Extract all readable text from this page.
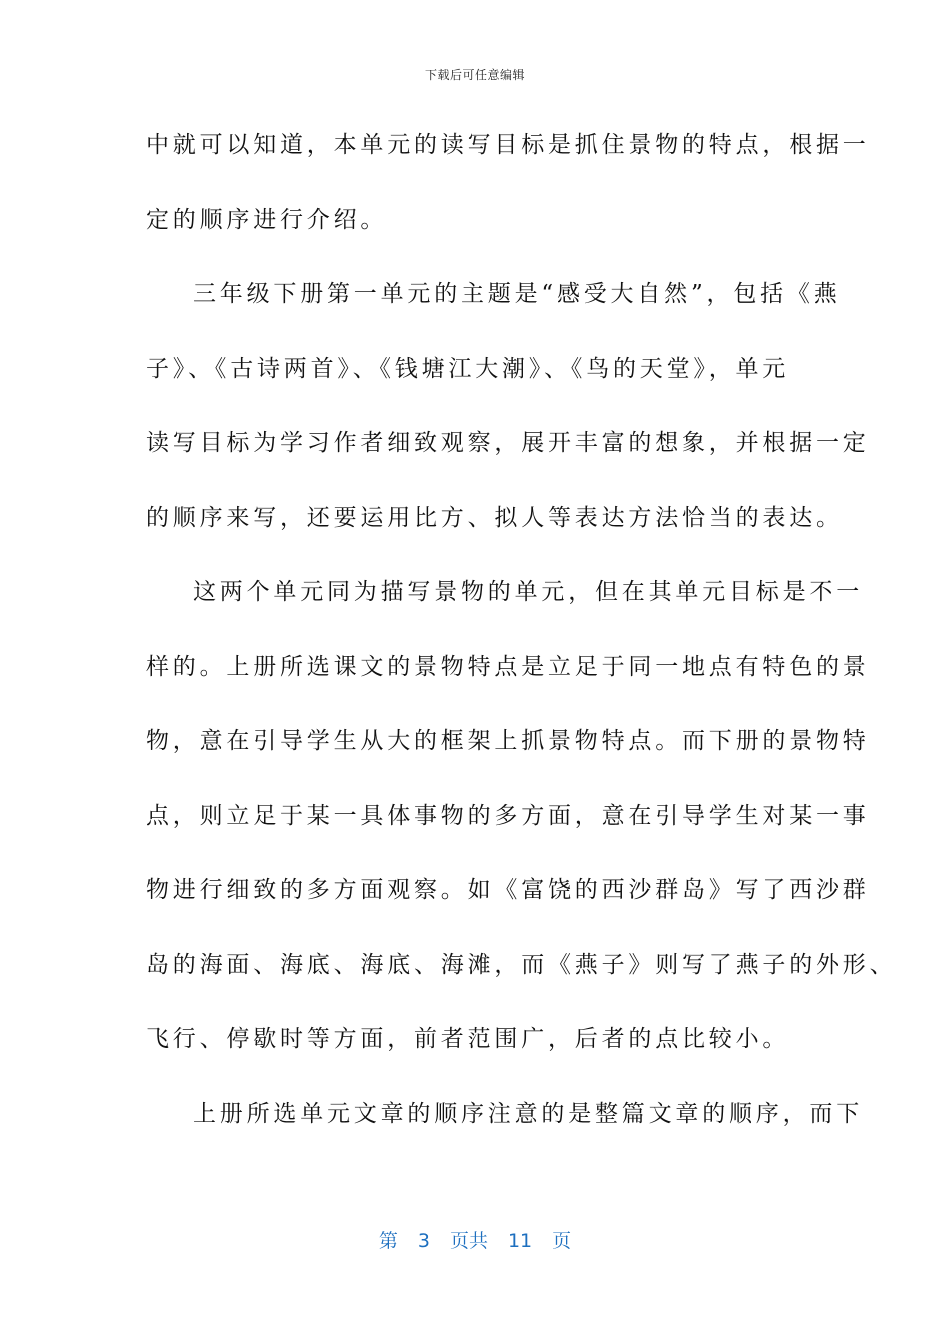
下载后可任意编辑
中就可以知道，本单元的读写目标是抓住景物的特点，根据一
定的顺序进行介绍。
三年级下册第一单元的主题是“感受大自然”，包括《燕
子》、《古诗两首》、《钱塘江大潮》、《鸟的天堂》，单元
读写目标为学习作者细致观察，展开丰富的想象，并根据一定
的顺序来写，还要运用比方、拟人等表达方法恰当的表达。
这两个单元同为描写景物的单元，但在其单元目标是不一
样的。上册所选课文的景物特点是立足于同一地点有特色的景
物，意在引导学生从大的框架上抓景物特点。而下册的景物特
点，则立足于某一具体事物的多方面，意在引导学生对某一事
物进行细致的多方面观察。如《富饶的西沙群岛》写了西沙群
岛的海面、海底、海底、海滩，而《燕子》则写了燕子的外形、
飞行、停歇时等方面，前者范围广，后者的点比较小。
上册所选单元文章的顺序注意的是整篇文章的顺序，而下
第 3 页共 11 页
